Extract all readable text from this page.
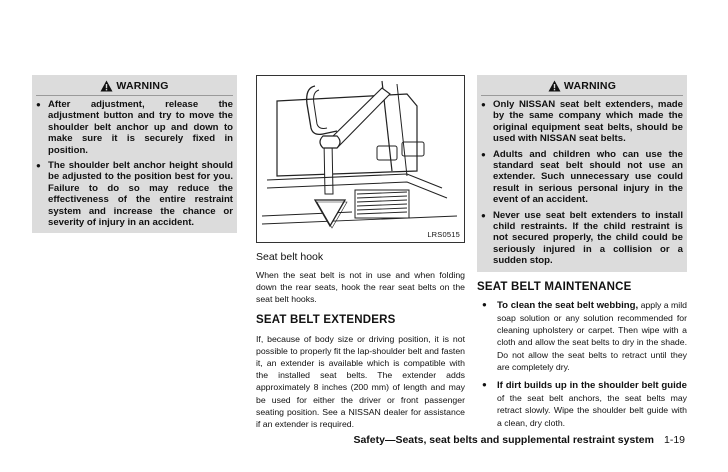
WARNING
● After adjustment, release the adjustment button and try to move the shoulder belt anchor up and down to make sure it is securely fixed in position.
● The shoulder belt anchor height should be adjusted to the position best for you. Failure to do so may reduce the effectiveness of the entire restraint system and increase the chance or severity of injury in an accident.
LRS0515
Seat belt hook

When the seat belt is not in use and when folding down the rear seats, hook the rear seat belts on the seat belt hooks.

SEAT BELT EXTENDERS

If, because of body size or driving position, it is not possible to properly fit the lap-shoulder belt and fasten it, an extender is available which is compatible with the installed seat belts. The extender adds approximately 8 inches (200 mm) of length and may be used for either the driver or front passenger seating position. See a NISSAN dealer for assistance if an extender is required.

WARNING
● Only NISSAN seat belt extenders, made by the same company which made the original equipment seat belts, should be used with NISSAN seat belts.
● Adults and children who can use the standard seat belt should not use an extender. Such unnecessary use could result in serious personal injury in the event of an accident.
● Never use seat belt extenders to install child restraints. If the child restraint is not secured properly, the child could be seriously injured in a collision or a sudden stop.
SEAT BELT MAINTENANCE
● To clean the seat belt webbing, apply a mild soap solution or any solution recommended for cleaning upholstery or carpet. Then wipe with a cloth and allow the seat belts to dry in the shade. Do not allow the seat belts to retract until they are completely dry.
● If dirt builds up in the shoulder belt guide of the seat belt anchors, the seat belts may retract slowly. Wipe the shoulder belt guide with a clean, dry cloth.
Safety—Seats, seat belts and supplemental restraint system 1-19
